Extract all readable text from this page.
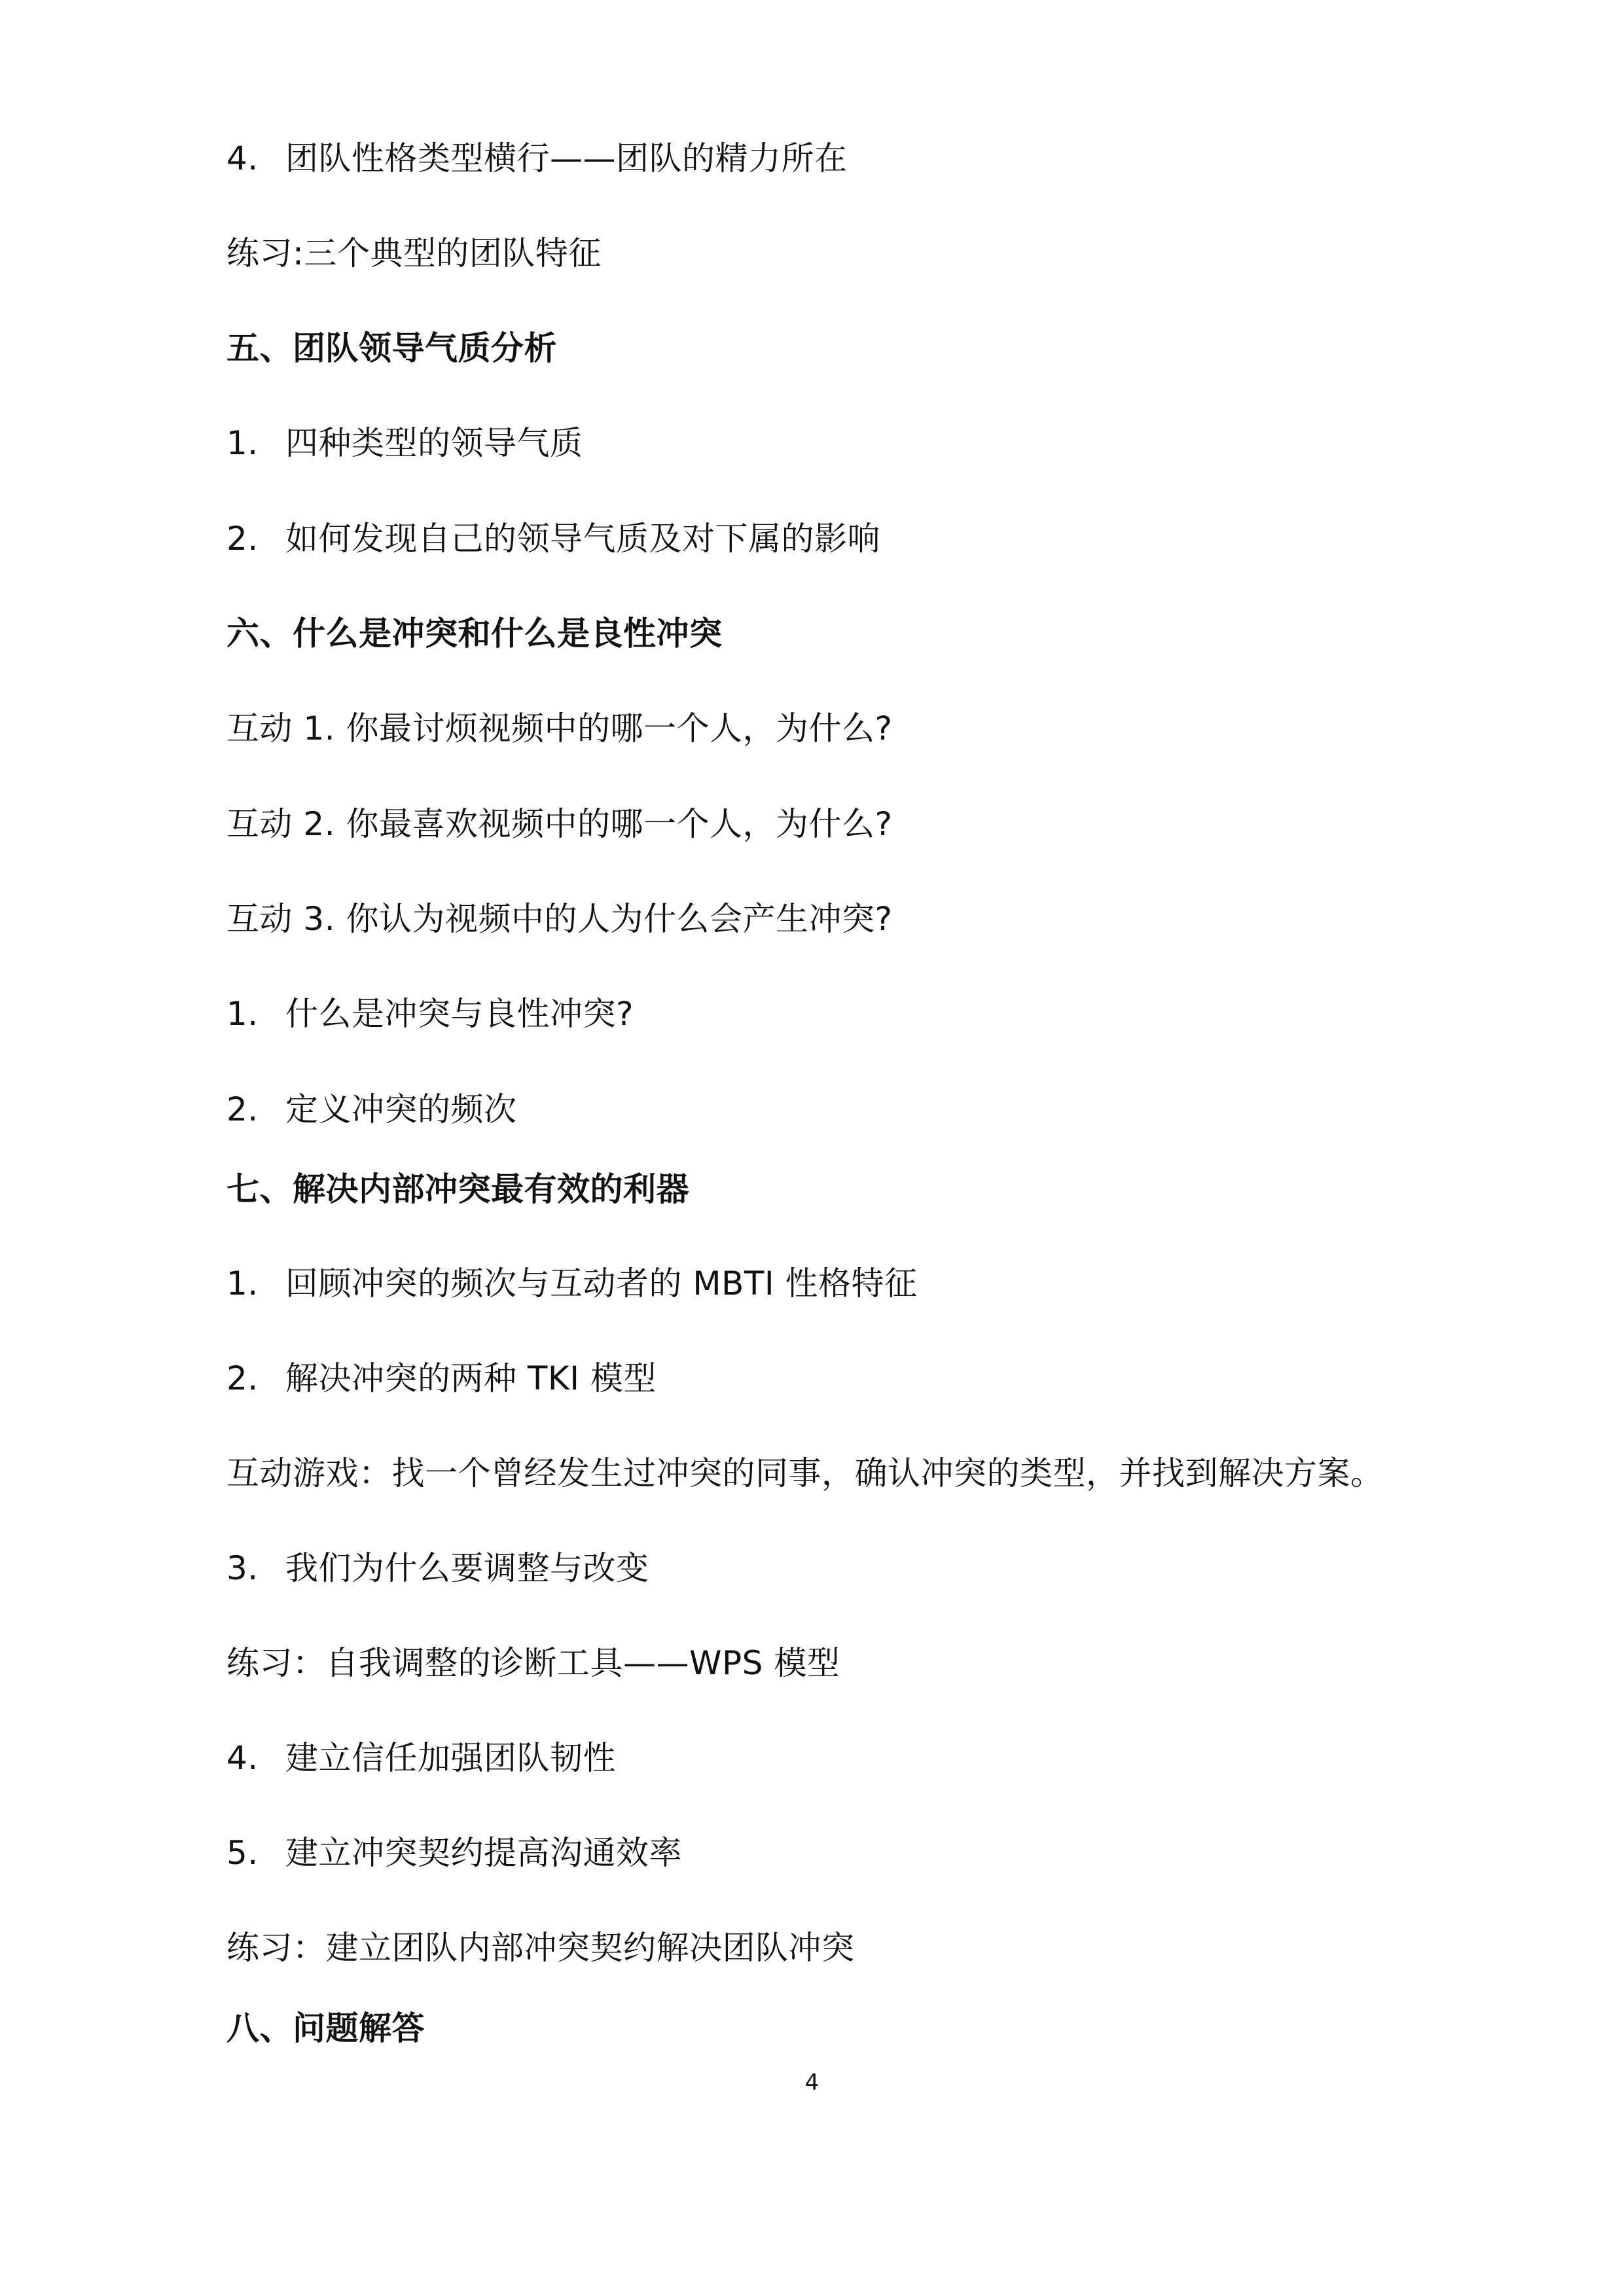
4. 团队性格类型横行——团队的精力所在
练习:三个典型的团队特征
五、团队领导气质分析
1. 四种类型的领导气质
2. 如何发现自己的领导气质及对下属的影响
六、什么是冲突和什么是良性冲突
互动 1. 你最讨烦视频中的哪一个人，为什么?
互动 2. 你最喜欢视频中的哪一个人，为什么?
互动 3. 你认为视频中的人为什么会产生冲突?
1. 什么是冲突与良性冲突?
2. 定义冲突的频次
七、解决内部冲突最有效的利器
1. 回顾冲突的频次与互动者的 MBTI 性格特征
2. 解决冲突的两种 TKI 模型
互动游戏：找一个曾经发生过冲突的同事，确认冲突的类型，并找到解决方案。
3. 我们为什么要调整与改变
练习：自我调整的诊断工具——WPS 模型
4. 建立信任加强团队韧性
5. 建立冲突契约提高沟通效率
练习：建立团队内部冲突契约解决团队冲突
八、问题解答
4
